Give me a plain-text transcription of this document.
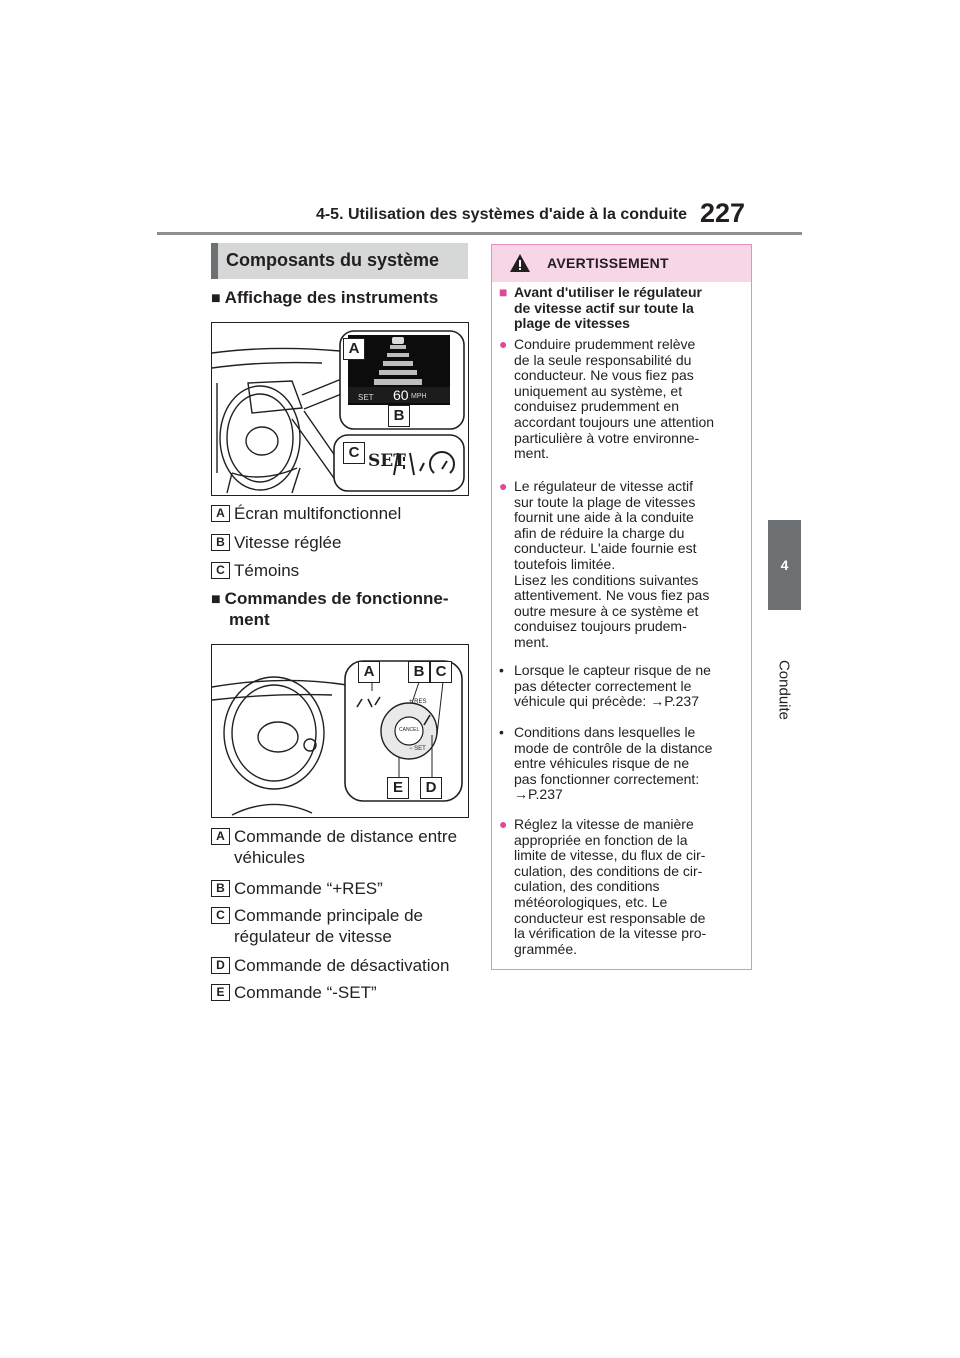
4-5. Utilisation des systèmes d'aide à la conduite 227
4
Conduite
Composants du système
■ Affichage des instruments
SET 60 MPH
SET
A
B
C
A Écran multifonctionnel
B Vitesse réglée
C Témoins
■ Commandes de fonctionne-
ment
+ RES
CANCEL
− SET
A	B C
E	D
A Commande de distance entre
véhicules
B Commande “+RES”
C Commande principale de
régulateur de vitesse
D Commande de désactivation
E Commande “-SET”
AVERTISSEMENT
■ Avant d'utiliser le régulateur
de vitesse actif sur toute la
plage de vitesses
● Conduire prudemment relève
de la seule responsabilité du
conducteur. Ne vous fiez pas
uniquement au système, et
conduisez prudemment en
accordant toujours une attention
particulière à votre environne-
ment.
● Le régulateur de vitesse actif
sur toute la plage de vitesses
fournit une aide à la conduite
afin de réduire la charge du
conducteur. L'aide fournie est
toutefois limitée.
Lisez les conditions suivantes
attentivement. Ne vous fiez pas
outre mesure à ce système et
conduisez toujours prudem-
ment.
• Lorsque le capteur risque de ne
pas détecter correctement le
véhicule qui précède: →P.237
• Conditions dans lesquelles le
mode de contrôle de la distance
entre véhicules risque de ne
pas fonctionner correctement:
→P.237
● Réglez la vitesse de manière
appropriée en fonction de la
limite de vitesse, du flux de cir-
culation, des conditions de cir-
culation, des conditions
météorologiques, etc. Le
conducteur est responsable de
la vérification de la vitesse pro-
grammée.
